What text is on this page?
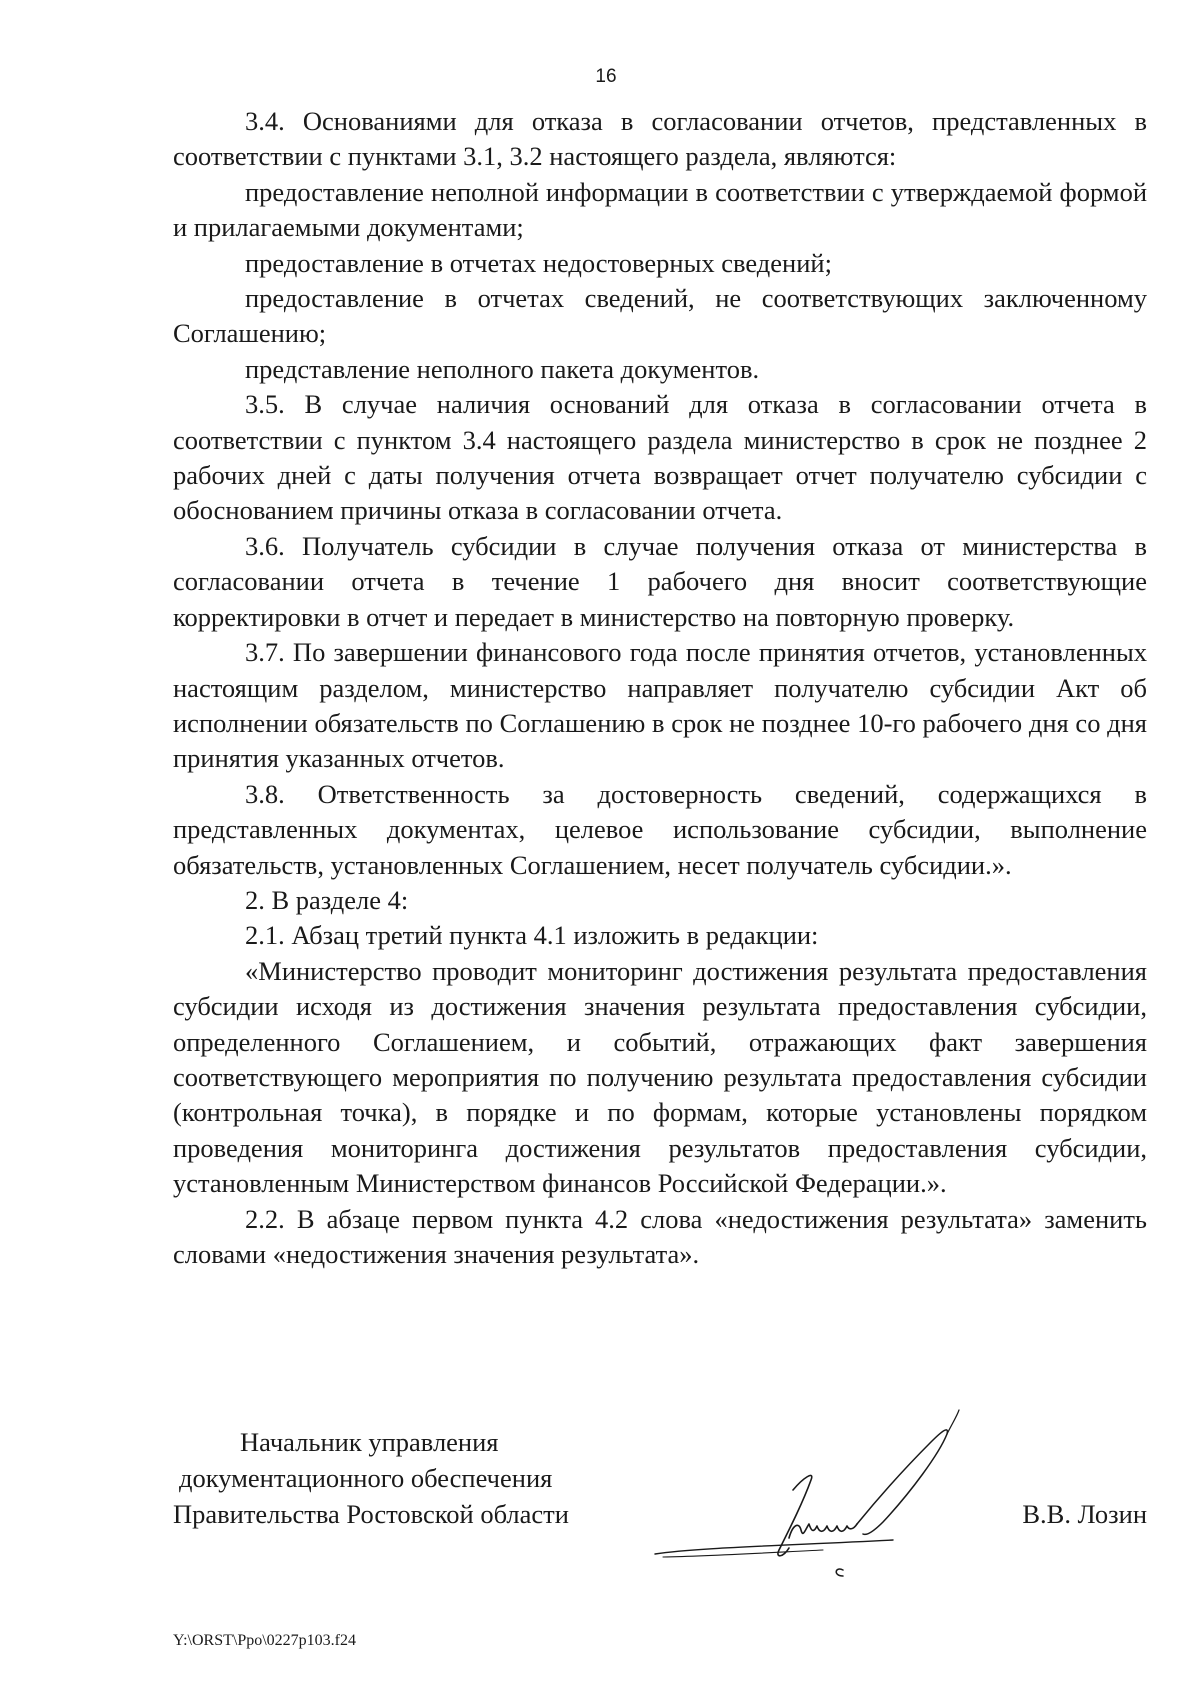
16

3.4. Основаниями для отказа в согласовании отчетов, представленных в соответствии с пунктами 3.1, 3.2 настоящего раздела, являются:

предоставление неполной информации в соответствии с утверждаемой формой и прилагаемыми документами;

предоставление в отчетах недостоверных сведений;

предоставление в отчетах сведений, не соответствующих заключенному Соглашению;

представление неполного пакета документов.

3.5. В случае наличия оснований для отказа в согласовании отчета в соответствии с пунктом 3.4 настоящего раздела министерство в срок не позднее 2 рабочих дней с даты получения отчета возвращает отчет получателю субсидии с обоснованием причины отказа в согласовании отчета.

3.6. Получатель субсидии в случае получения отказа от министерства в согласовании отчета в течение 1 рабочего дня вносит соответствующие корректировки в отчет и передает в министерство на повторную проверку.

3.7. По завершении финансового года после принятия отчетов, установленных настоящим разделом, министерство направляет получателю субсидии Акт об исполнении обязательств по Соглашению в срок не позднее 10-го рабочего дня со дня принятия указанных отчетов.

3.8. Ответственность за достоверность сведений, содержащихся в представленных документах, целевое использование субсидии, выполнение обязательств, установленных Соглашением, несет получатель субсидии.».

2. В разделе 4:

2.1. Абзац третий пункта 4.1 изложить в редакции:

«Министерство проводит мониторинг достижения результата предоставления субсидии исходя из достижения значения результата предоставления субсидии, определенного Соглашением, и событий, отражающих факт завершения соответствующего мероприятия по получению результата предоставления субсидии (контрольная точка), в порядке и по формам, которые установлены порядком проведения мониторинга достижения результатов предоставления субсидии, установленным Министерством финансов Российской Федерации.».

2.2. В абзаце первом пункта 4.2 слова «недостижения результата» заменить словами «недостижения значения результата».

Начальник управления
документационного обеспечения
Правительства Ростовской области	В.В. Лозин
Y:\ORST\Ppo\0227p103.f24
